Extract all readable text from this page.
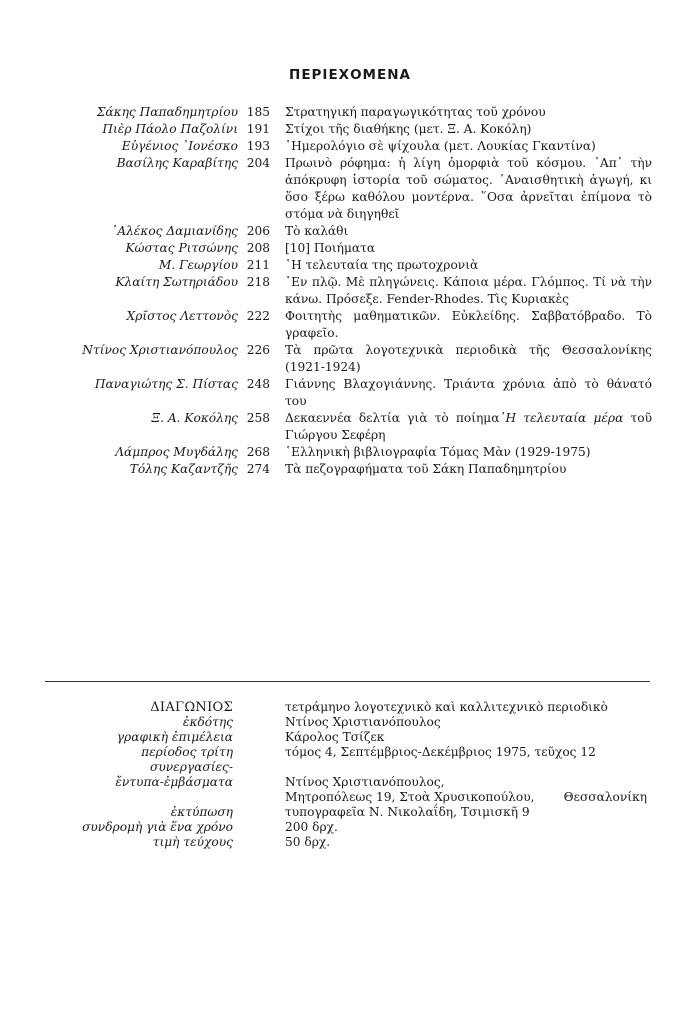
ΠΕΡΙΕΧΟΜΕΝΑ
Σάκης Παπαδημητρίου 185 Στρατηγική παραγωγικότητας τοῦ χρόνου
Πιὲρ Πάολο Παζολίνι 191 Στίχοι τῆς διαθήκης (μετ. Ξ. Α. Κοκόλη)
Εὐγένιος ᾿Ιονέσκο 193 ῾Ημερολόγιο σὲ ψίχουλα (μετ. Λουκίας Γκαντίνα)
Βασίλης Καραβίτης 204 Πρωινὸ ρόφημα: ἡ λίγη ὀμορφιὰ τοῦ κόσμου. ᾿Απ᾿ τὴν ἀπόκρυφη ἱστορία τοῦ σώματος. ᾿Αναισθητικὴ ἀγωγή, κι ὅσο ξέρω καθόλου μοντέρνα. ῞Οσα ἀρνεῖται ἐπίμονα τὸ στόμα νὰ διηγηθεῖ
᾿Αλέκος Δαμιανίδης 206 Τὸ καλάθι
Κώστας Ριτσώνης 208 [10] Ποιήματα
Μ. Γεωργίου 211 ῾Η τελευταία της πρωτοχρονιὰ
Κλαίτη Σωτηριάδου 218 ᾿Εν πλῷ. Μὲ πληγώνεις. Κάποια μέρα. Γλόμπος. Τί νὰ τὴν κάνω. Πρόσεξε. Fender-Rhodes. Τὶς Κυριακὲς
Χρῖστος Λεττονὸς 222 Φοιτητὴς μαθηματικῶν. Εὐκλείδης. Σαββατόβραδο. Τὸ γραφεῖο.
Ντίνος Χριστιανόπουλος 226 Τὰ πρῶτα λογοτεχνικὰ περιοδικὰ τῆς Θεσσαλονίκης (1921-1924)
Παναγιώτης Σ. Πίστας 248 Γιάννης Βλαχογιάννης. Τριάντα χρόνια ἀπὸ τὸ θάνατό του
Ξ. Α. Κοκόλης 258 Δεκαεννέα δελτία γιὰ τὸ ποίημα῾Η τελευταία μέρα τοῦ Γιώργου Σεφέρη
Λάμπρος Μυγδάλης 268 ῾Ελληνικὴ βιβλιογραφία Τόμας Μὰν (1929-1975)
Τόλης Καζαντζῆς 274 Τὰ πεζογραφήματα τοῦ Σάκη Παπαδημητρίου
ΔΙΑΓΩΝΙΟΣ	τετράμηνο λογοτεχνικὸ καὶ καλλιτεχνικὸ περιοδικὸ
ἐκδότης	Ντίνος Χριστιανόπουλος
γραφικὴ ἐπιμέλεια	Κάρολος Τσίζεκ
περίοδος τρίτη	τόμος 4, Σεπτέμβριος-Δεκέμβριος 1975, τεῦχος 12
συνεργασίες-
ἔντυπα-ἐμβάσματα	Ντίνος Χριστιανόπουλος,
Μητροπόλεως 19, Στοὰ Χρυσικοπούλου, Θεσσαλονίκη
ἐκτύπωση	τυπογραφεῖα Ν. Νικολαΐδη, Τσιμισκῆ 9
συνδρομὴ γιὰ ἕνα χρόνο	200 δρχ.
τιμὴ τεύχους	50 δρχ.
